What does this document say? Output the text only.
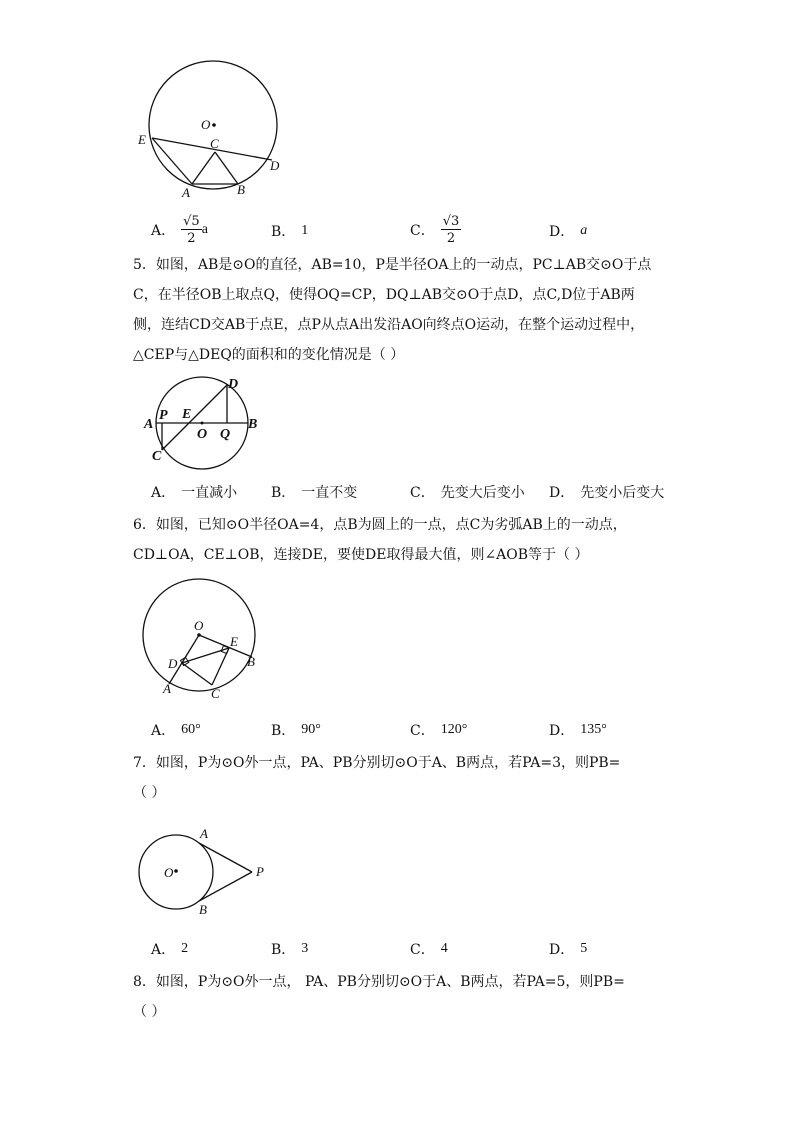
O
C
E
D
A	B
A． $\frac{√5}{2}$ a	B． 1	C． $\frac{√3}{2}$	D． a

5．如图，AB是⊙O的直径，AB=10，P是半径OA上的一动点，PC⊥AB交⊙O于点

C，在半径OB上取点Q，使得OQ=CP，DQ⊥AB交⊙O于点D，点C,D位于AB两

侧，连结CD交AB于点E，点P从点A出发沿AO向终点O运动，在整个运动过程中，

△CEP与△DEQ的面积和的变化情况是（ ）

A
P E
O Q
B
C
D
A． 一直减小 B． 一直不变	C． 先变大后变小 D． 先变小后变大

6．如图，已知⊙O半径OA=4，点B为圆上的一点，点C为劣弧AB上的一动点，

CD⊥OA，CE⊥OB，连接DE，要使DE取得最大值，则∠AOB等于（ ）

O
E
D	B
A	C
A． 60°	B． 90°	C． 120°	D． 135°

7．如图，P为⊙O外一点，PA、PB分别切⊙O于A、B两点，若PA=3，则PB=

（ ）

O
A
B
P
A． 2	B． 3	C． 4	D． 5

8．如图，P为⊙O外一点， PA、PB分别切⊙O于A、B两点，若PA=5，则PB=

（ ）
